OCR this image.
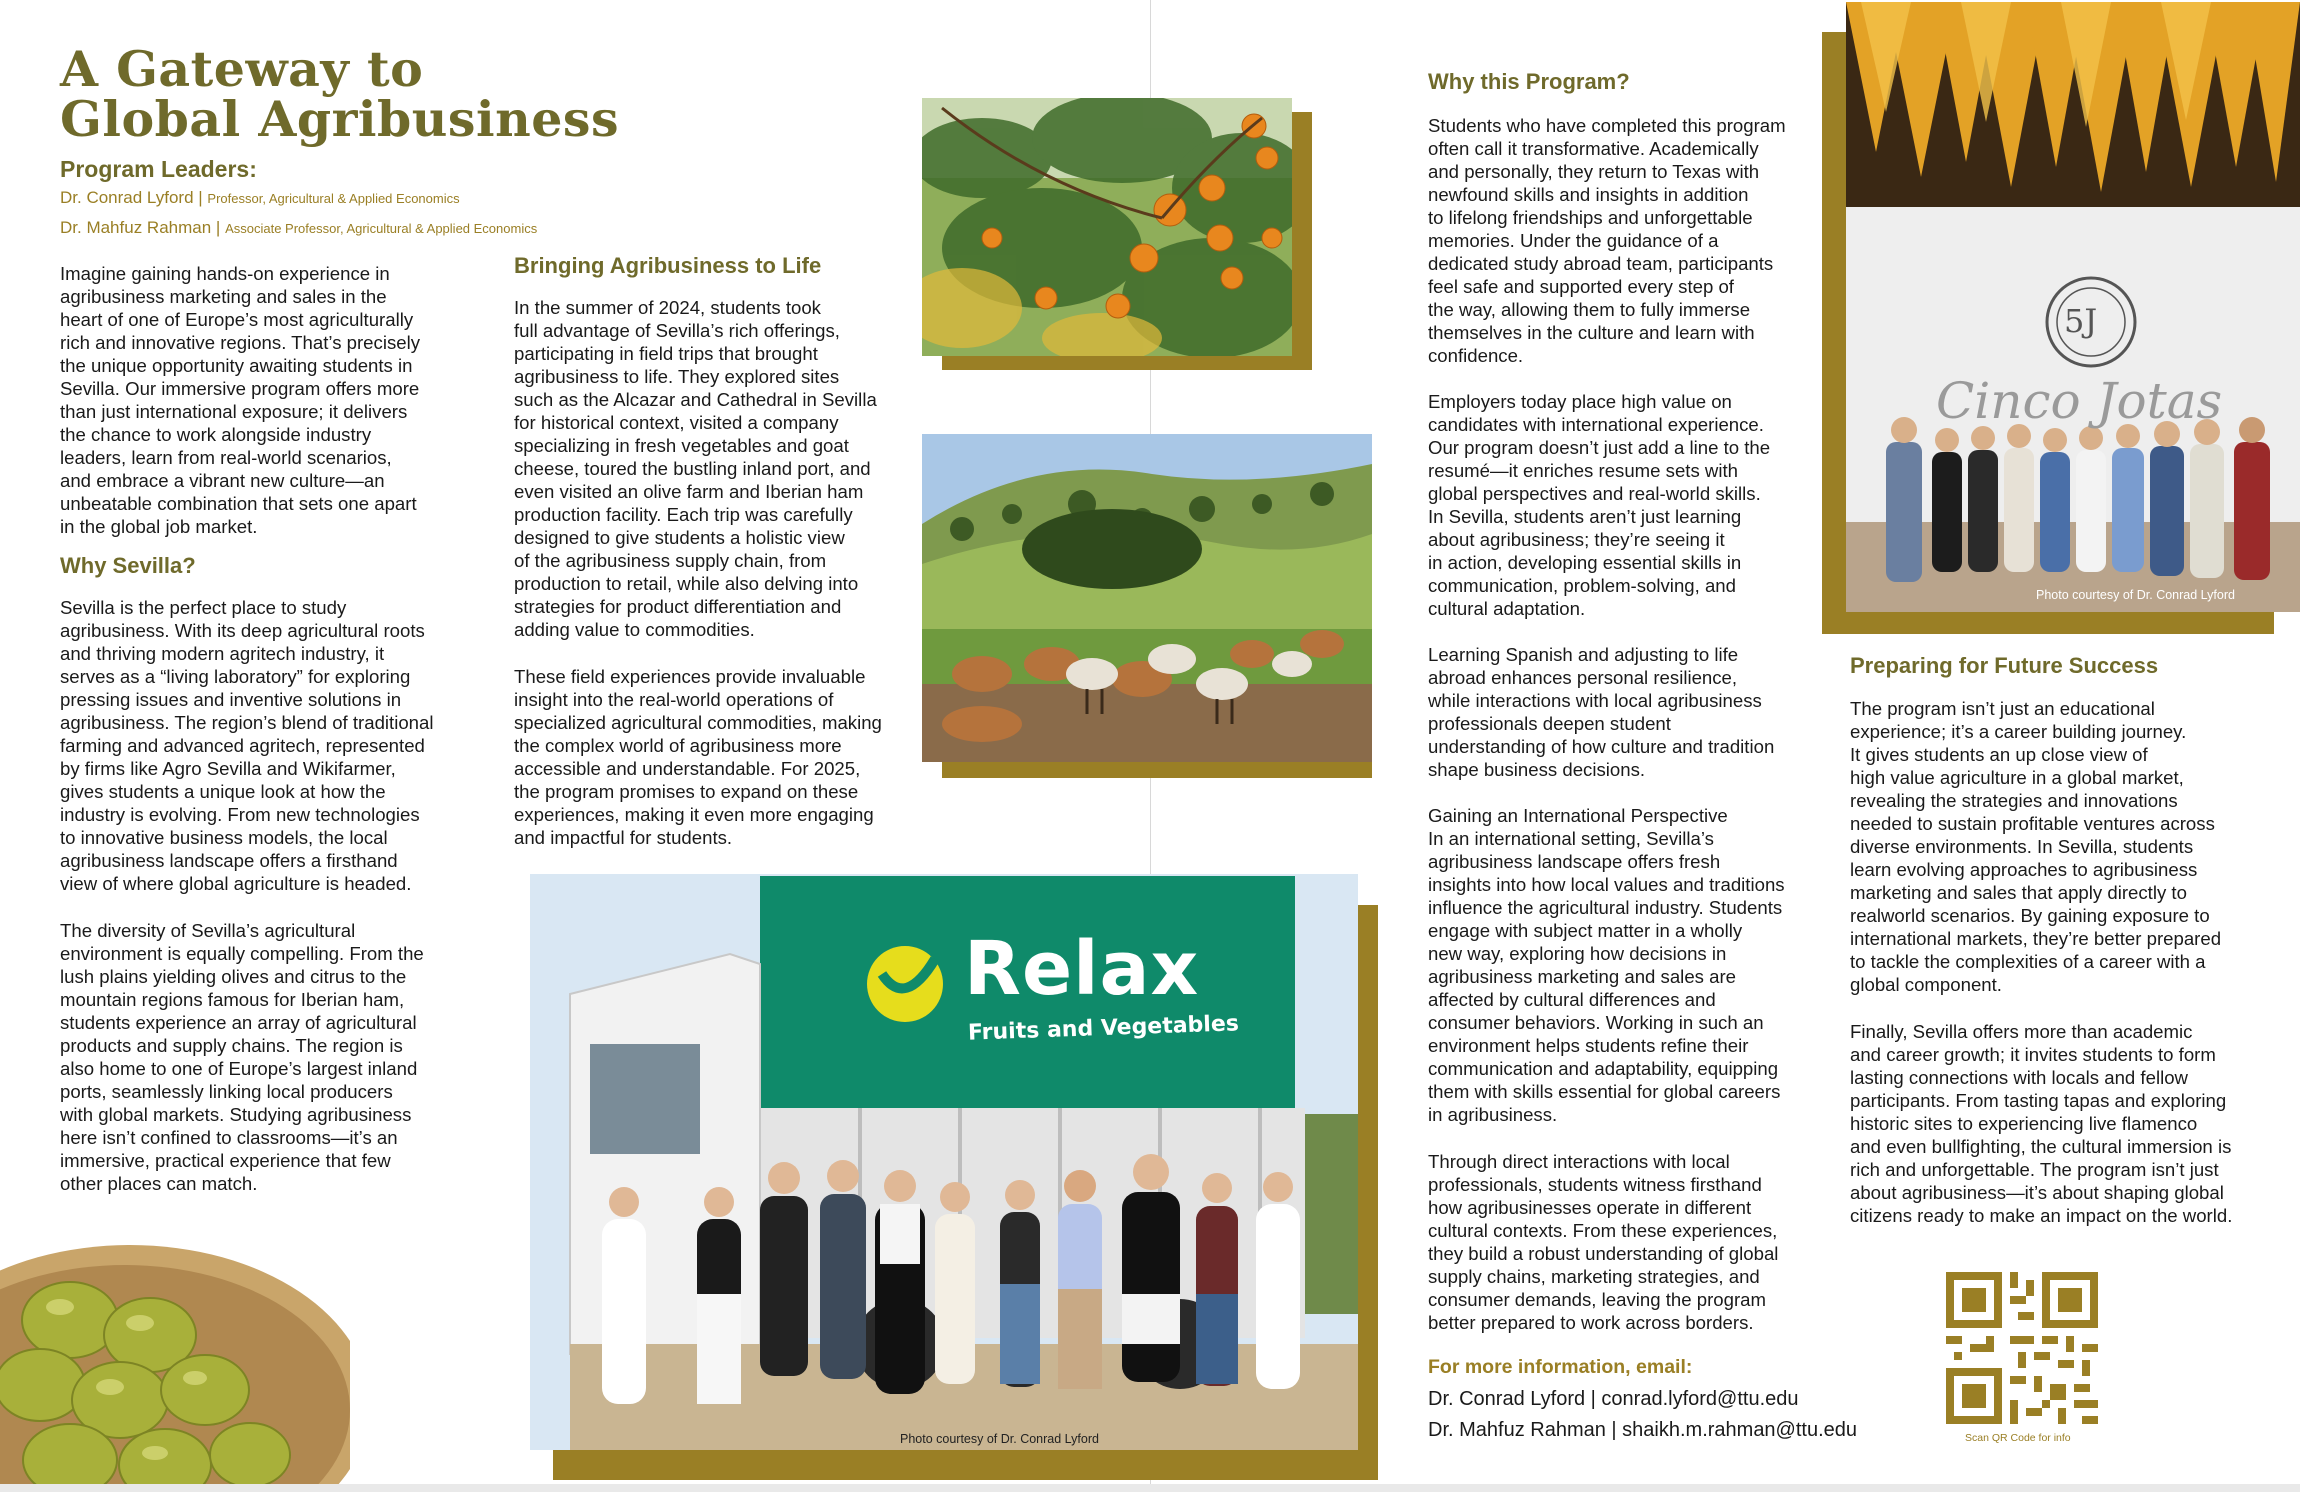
A Gateway to
Global Agribusiness
Program Leaders:
Dr. Conrad Lyford | Professor, Agricultural & Applied Economics
Dr. Mahfuz Rahman | Associate Professor, Agricultural & Applied Economics
Imagine gaining hands-on experience in
agribusiness marketing and sales in the
heart of one of Europe’s most agriculturally
rich and innovative regions. That’s precisely
the unique opportunity awaiting students in
Sevilla. Our immersive program offers more
than just international exposure; it delivers
the chance to work alongside industry
leaders, learn from real-world scenarios,
and embrace a vibrant new culture—an
unbeatable combination that sets one apart
in the global job market.
Why Sevilla?
Sevilla is the perfect place to study
agribusiness. With its deep agricultural roots
and thriving modern agritech industry, it
serves as a “living laboratory” for exploring
pressing issues and inventive solutions in
agribusiness. The region’s blend of traditional
farming and advanced agritech, represented
by firms like Agro Sevilla and Wikifarmer,
gives students a unique look at how the
industry is evolving. From new technologies
to innovative business models, the local
agribusiness landscape offers a firsthand
view of where global agriculture is headed.
The diversity of Sevilla’s agricultural
environment is equally compelling. From the
lush plains yielding olives and citrus to the
mountain regions famous for Iberian ham,
students experience an array of agricultural
products and supply chains. The region is
also home to one of Europe’s largest inland
ports, seamlessly linking local producers
with global markets. Studying agribusiness
here isn’t confined to classrooms—it’s an
immersive, practical experience that few
other places can match.
Bringing Agribusiness to Life
In the summer of 2024, students took
full advantage of Sevilla’s rich offerings,
participating in field trips that brought
agribusiness to life. They explored sites
such as the Alcazar and Cathedral in Sevilla
for historical context, visited a company
specializing in fresh vegetables and goat
cheese, toured the bustling inland port, and
even visited an olive farm and Iberian ham
production facility. Each trip was carefully
designed to give students a holistic view
of the agribusiness supply chain, from
production to retail, while also delving into
strategies for product differentiation and
adding value to commodities.
These field experiences provide invaluable
insight into the real-world operations of
specialized agricultural commodities, making
the complex world of agribusiness more
accessible and understandable. For 2025,
the program promises to expand on these
experiences, making it even more engaging
and impactful for students.
Relax
Fruits and Vegetables
Photo courtesy of Dr. Conrad Lyford
Why this Program?
Students who have completed this program
often call it transformative. Academically
and personally, they return to Texas with
newfound skills and insights in addition
to lifelong friendships and unforgettable
memories. Under the guidance of a
dedicated study abroad team, participants
feel safe and supported every step of
the way, allowing them to fully immerse
themselves in the culture and learn with
confidence.
Employers today place high value on
candidates with international experience.
Our program doesn’t just add a line to the
resumé—it enriches resume sets with
global perspectives and real-world skills.
In Sevilla, students aren’t just learning
about agribusiness; they’re seeing it
in action, developing essential skills in
communication, problem-solving, and
cultural adaptation.
Learning Spanish and adjusting to life
abroad enhances personal resilience,
while interactions with local agribusiness
professionals deepen student
understanding of how culture and tradition
shape business decisions.
Gaining an International Perspective
In an international setting, Sevilla’s
agribusiness landscape offers fresh
insights into how local values and traditions
influence the agricultural industry. Students
engage with subject matter in a wholly
new way, exploring how decisions in
agribusiness marketing and sales are
affected by cultural differences and
consumer behaviors. Working in such an
environment helps students refine their
communication and adaptability, equipping
them with skills essential for global careers
in agribusiness.
Through direct interactions with local
professionals, students witness firsthand
how agribusinesses operate in different
cultural contexts. From these experiences,
they build a robust understanding of global
supply chains, marketing strategies, and
consumer demands, leaving the program
better prepared to work across borders.
For more information, email:
Dr. Conrad Lyford | conrad.lyford@ttu.edu
Dr. Mahfuz Rahman | shaikh.m.rahman@ttu.edu
5J
Cinco Jotas
Photo courtesy of Dr. Conrad Lyford
Preparing for Future Success
The program isn’t just an educational
experience; it’s a career building journey.
It gives students an up close view of
high value agriculture in a global market,
revealing the strategies and innovations
needed to sustain profitable ventures across
diverse environments. In Sevilla, students
learn evolving approaches to agribusiness
marketing and sales that apply directly to
realworld scenarios. By gaining exposure to
international markets, they’re better prepared
to tackle the complexities of a career with a
global component.
Finally, Sevilla offers more than academic
and career growth; it invites students to form
lasting connections with locals and fellow
participants. From tasting tapas and exploring
historic sites to experiencing live flamenco
and even bullfighting, the cultural immersion is
rich and unforgettable. The program isn’t just
about agribusiness—it’s about shaping global
citizens ready to make an impact on the world.
Scan QR Code for info
